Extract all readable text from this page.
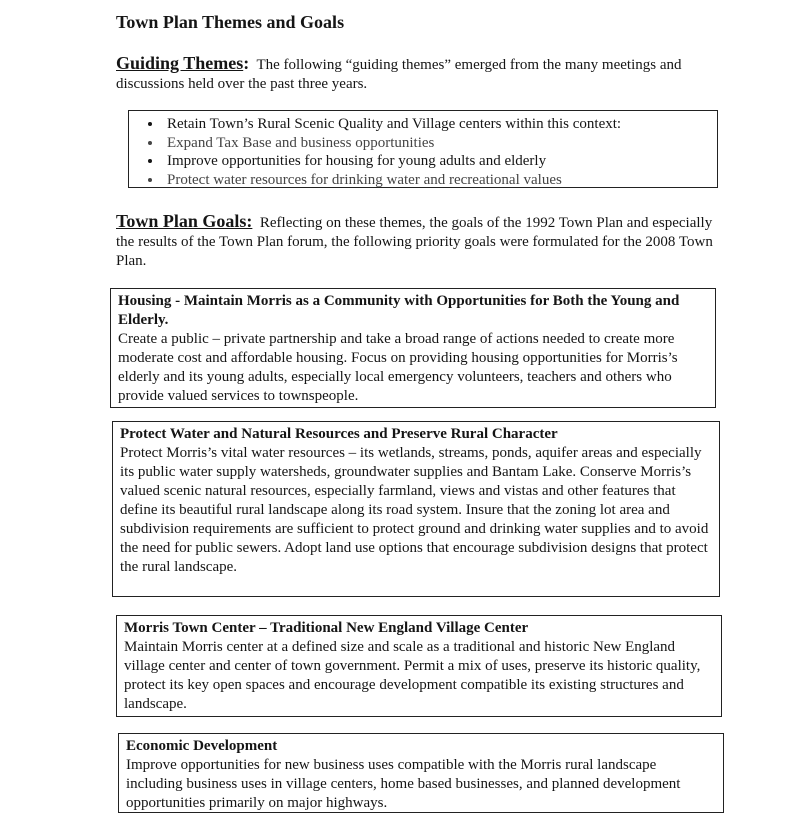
Town Plan Themes and Goals
Guiding Themes: The following “guiding themes” emerged from the many meetings and discussions held over the past three years.
• Retain Town’s Rural Scenic Quality and Village centers within this context:
• Expand Tax Base and business opportunities
• Improve opportunities for housing for young adults and elderly
• Protect water resources for drinking water and recreational values
Town Plan Goals: Reflecting on these themes, the goals of the 1992 Town Plan and especially the results of the Town Plan forum, the following priority goals were formulated for the 2008 Town Plan.
Housing - Maintain Morris as a Community with Opportunities for Both the Young and Elderly.
Create a public – private partnership and take a broad range of actions needed to create more moderate cost and affordable housing. Focus on providing housing opportunities for Morris’s elderly and its young adults, especially local emergency volunteers, teachers and others who provide valued services to townspeople.
Protect Water and Natural Resources and Preserve Rural Character
Protect Morris’s vital water resources – its wetlands, streams, ponds, aquifer areas and especially its public water supply watersheds, groundwater supplies and Bantam Lake. Conserve Morris’s valued scenic natural resources, especially farmland, views and vistas and other features that define its beautiful rural landscape along its road system. Insure that the zoning lot area and subdivision requirements are sufficient to protect ground and drinking water supplies and to avoid the need for public sewers. Adopt land use options that encourage subdivision designs that protect the rural landscape.
Morris Town Center – Traditional New England Village Center
Maintain Morris center at a defined size and scale as a traditional and historic New England village center and center of town government. Permit a mix of uses, preserve its historic quality, protect its key open spaces and encourage development compatible its existing structures and landscape.
Economic Development
Improve opportunities for new business uses compatible with the Morris rural landscape including business uses in village centers, home based businesses, and planned development opportunities primarily on major highways.
